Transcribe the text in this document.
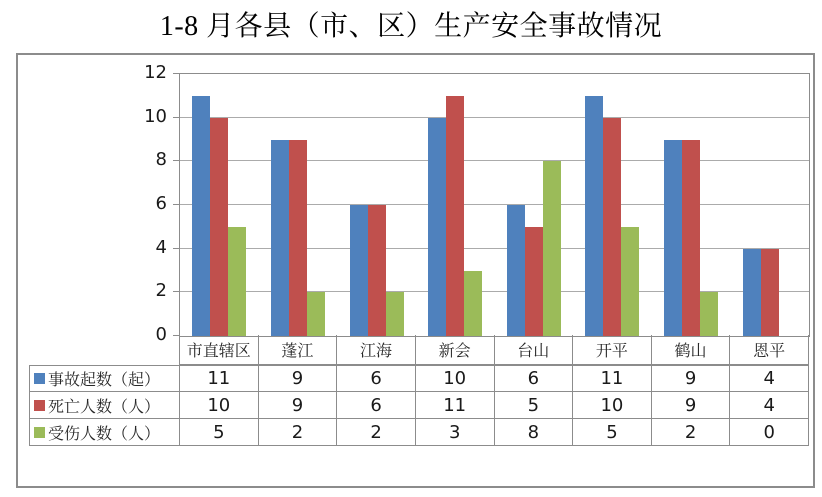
1-8 月各县（市、区）生产安全事故情况
0
2
4
6
8
10
12
市直辖区	蓬江	江海	新会	台山	开平	鹤山	恩平
事故起数（起）	11	9	6	10	6	11	9	4
死亡人数（人）	10	9	6	11	5	10	9	4
受伤人数（人）	5	2	2	3	8	5	2	0
